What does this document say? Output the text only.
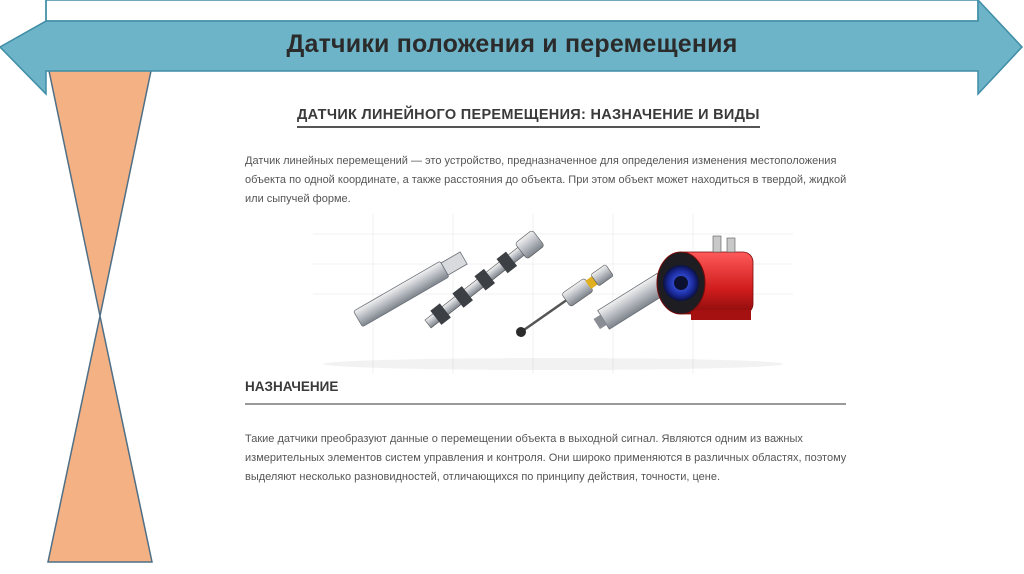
Датчики положения и перемещения
ДАТЧИК ЛИНЕЙНОГО ПЕРЕМЕЩЕНИЯ: НАЗНАЧЕНИЕ И ВИДЫ

Датчик линейных перемещений — это устройство, предназначенное для определения изменения местоположения
объекта по одной координате, а также расстояния до объекта. При этом объект может находиться в твердой, жидкой
или сыпучей форме.

НАЗНАЧЕНИЕ

Такие датчики преобразуют данные о перемещении объекта в выходной сигнал. Являются одним из важных
измерительных элементов систем управления и контроля. Они широко применяются в различных областях, поэтому
выделяют несколько разновидностей, отличающихся по принципу действия, точности, цене.
